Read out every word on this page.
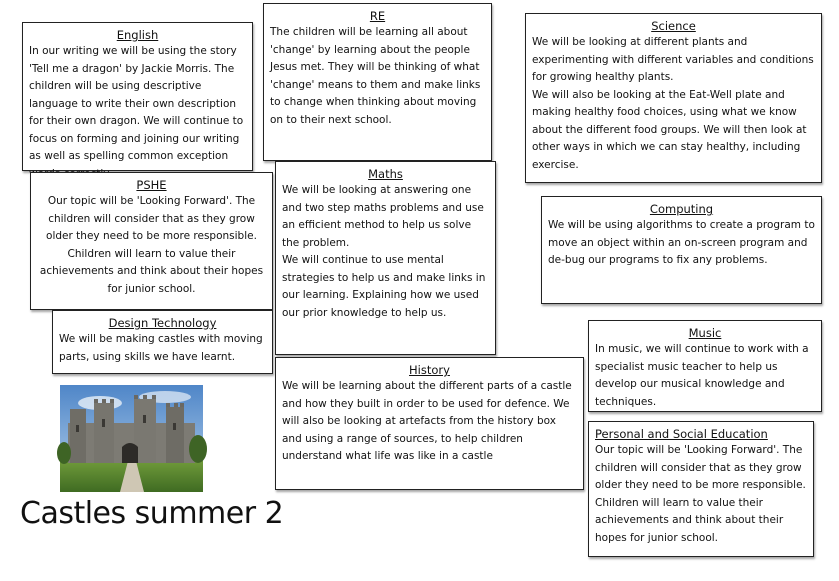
English
In our writing we will be using the story 'Tell me a dragon' by Jackie Morris. The children will be using descriptive language to write their own description for their own dragon. We will continue to focus on forming and joining our writing as well as spelling common exception
RE
The children will be learning all about 'change' by learning about the people Jesus met. They will be thinking of what 'change' means to them and make links to change when thinking about moving on to their next school.
Science
We will be looking at different plants and experimenting with different variables and conditions for growing healthy plants.
We will also be looking at the Eat-Well plate and making healthy food choices, using what we know about the different food groups. We will then look at other ways in which we can stay healthy, including exercise.
PSHE
Our topic will be 'Looking Forward'. The children will consider that as they grow older they need to be more responsible. Children will learn to value their achievements and think about their hopes for junior school.
Maths
We will be looking at answering one and two step maths problems and use an efficient method to help us solve the problem.
We will continue to use mental strategies to help us and make links in our learning. Explaining how we used our prior knowledge to help us.
Computing
We will be using algorithms to create a program to move an object within an on-screen program and de-bug our programs to fix any problems.
Design Technology
We will be making castles with moving parts, using skills we have learnt.
Music
In music, we will continue to work with a specialist music teacher to help us develop our musical knowledge and techniques.
History
We will be learning about the different parts of a castle and how they built in order to be used for defence. We will also be looking at artefacts from the history box and using a range of sources, to help children understand what life was like in a castle
Personal and Social Education
Our topic will be 'Looking Forward'. The children will consider that as they grow older they need to be more responsible. Children will learn to value their achievements and think about their hopes for junior school.
Castles summer 2
